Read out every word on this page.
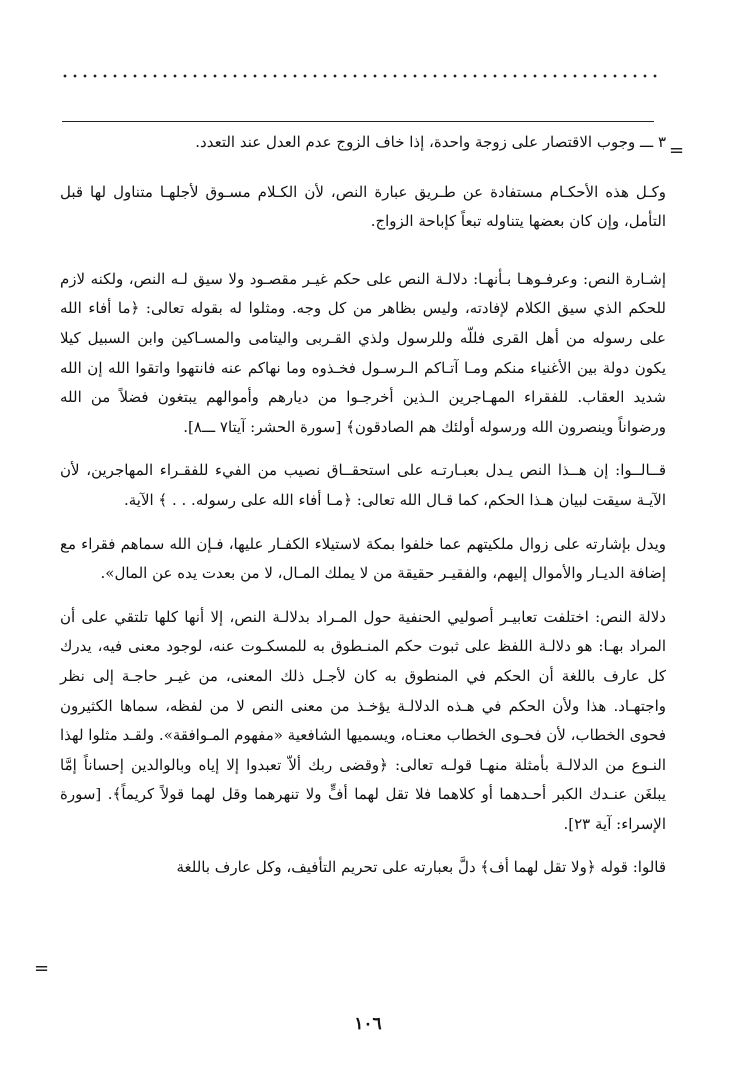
=

٣ ـــ وجوب الاقتصار على زوجة واحدة، إذا خاف الزوج عدم العدل عند التعدد.

وكـل هذه الأحكـام مستفادة عن طـريق عبارة النص، لأن الكـلام مسـوق لأجلهـا متناول لها قبل التأمل، وإن كان بعضها يتناوله تبعاً كإباحة الزواج.

إشـارة النص: وعرفـوهـا بـأنهـا: دلالـة النص على حكم غيـر مقصـود ولا سيق لـه النص، ولكنه لازم للحكم الذي سيق الكلام لإفادته، وليس بظاهر من كل وجه. ومثلوا له بقوله تعالى: ﴿ما أفاء الله على رسوله من أهل القرى فللّه وللرسول ولذي القـربى واليتامى والمسـاكين وابن السبيل كيلا يكون دولة بين الأغنياء منكم ومـا آتـاكم الـرسـول فخـذوه وما نهاكم عنه فانتهوا واتقوا الله إن الله شديد العقاب. للفقراء المهـاجرين الـذين أخرجـوا من ديارهم وأموالهم يبتغون فضلاً من الله ورضواناً وينصرون الله ورسوله أولئك هم الصادقون﴾ [سورة الحشر: آيتا٧ ـــ٨].

قــالــوا: إن هــذا النص يـدل بعبـارتـه على استحقــاق نصيب من الفيء للفقـراء المهاجرين، لأن الآيـة سيقت لبيان هـذا الحكم، كما قـال الله تعالى: ﴿مـا أفاء الله على رسوله. . . ﴾ الآية.

ويدل بإشارته على زوال ملكيتهم عما خلفوا بمكة لاستيلاء الكفـار عليها، فـإن الله سماهم فقراء مع إضافة الديـار والأموال إليهم، والفقيـر حقيقة من لا يملك المـال، لا من بعدت يده عن المال».

دلالة النص: اختلفت تعابيـر أصوليي الحنفية حول المـراد بدلالـة النص، إلا أنها كلها تلتقي على أن المراد بهـا: هو دلالـة اللفظ على ثبوت حكم المنـطوق به للمسكـوت عنه، لوجود معنى فيه، يدرك كل عارف باللغة أن الحكم في المنطوق به كان لأجـل ذلك المعنى، من غيـر حاجـة إلى نظر واجتهـاد. هذا ولأن الحكم في هـذه الدلالـة يؤخـذ من معنى النص لا من لفظه، سماها الكثيرون فحوى الخطاب، لأن فحـوى الخطاب معنـاه، ويسميها الشافعية «مفهوم المـوافقة». ولقـد مثلوا لهذا النـوع من الدلالـة بأمثلة منهـا قولـه تعالى: ﴿وقضى ربك ألاّ تعبدوا إلا إياه وبالوالدين إحساناً إمَّا يبلغَن عنـدك الكبر أحـدهما أو كلاهما فلا تقل لهما أفٍّ ولا تنهرهما وقل لهما قولاً كريماً﴾. [سورة الإسراء: آية ٢٣].

قالوا: قوله ﴿ولا تقل لهما أف﴾ دلَّ بعبارته على تحريم التأفيف، وكل عارف باللغة

=
١٠٦
